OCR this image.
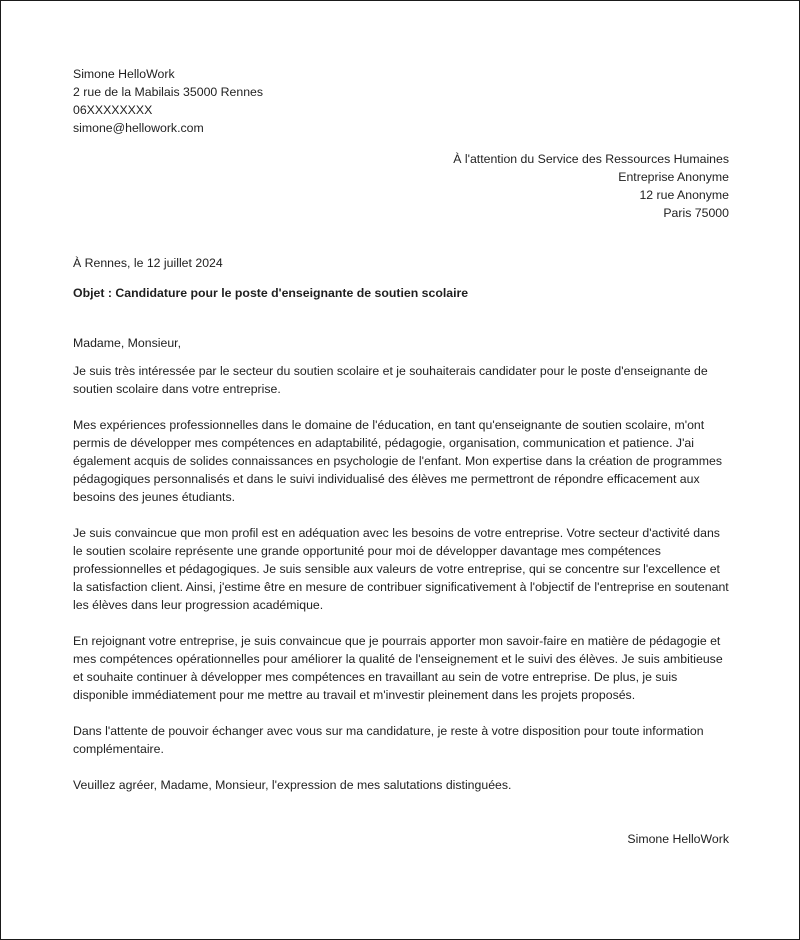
Simone HelloWork
2 rue de la Mabilais 35000 Rennes
06XXXXXXXX
simone@hellowork.com
À l'attention du Service des Ressources Humaines
Entreprise Anonyme
12 rue Anonyme
Paris 75000
À Rennes, le 12 juillet 2024
Objet : Candidature pour le poste d'enseignante de soutien scolaire
Madame, Monsieur,
Je suis très intéressée par le secteur du soutien scolaire et je souhaiterais candidater pour le poste d'enseignante de soutien scolaire dans votre entreprise.
Mes expériences professionnelles dans le domaine de l'éducation, en tant qu'enseignante de soutien scolaire, m'ont permis de développer mes compétences en adaptabilité, pédagogie, organisation, communication et patience. J'ai également acquis de solides connaissances en psychologie de l'enfant. Mon expertise dans la création de programmes pédagogiques personnalisés et dans le suivi individualisé des élèves me permettront de répondre efficacement aux besoins des jeunes étudiants.
Je suis convaincue que mon profil est en adéquation avec les besoins de votre entreprise. Votre secteur d'activité dans le soutien scolaire représente une grande opportunité pour moi de développer davantage mes compétences professionnelles et pédagogiques. Je suis sensible aux valeurs de votre entreprise, qui se concentre sur l'excellence et la satisfaction client. Ainsi, j'estime être en mesure de contribuer significativement à l'objectif de l'entreprise en soutenant les élèves dans leur progression académique.
En rejoignant votre entreprise, je suis convaincue que je pourrais apporter mon savoir-faire en matière de pédagogie et mes compétences opérationnelles pour améliorer la qualité de l'enseignement et le suivi des élèves. Je suis ambitieuse et souhaite continuer à développer mes compétences en travaillant au sein de votre entreprise. De plus, je suis disponible immédiatement pour me mettre au travail et m'investir pleinement dans les projets proposés.
Dans l'attente de pouvoir échanger avec vous sur ma candidature, je reste à votre disposition pour toute information complémentaire.
Veuillez agréer, Madame, Monsieur, l'expression de mes salutations distinguées.
Simone HelloWork
